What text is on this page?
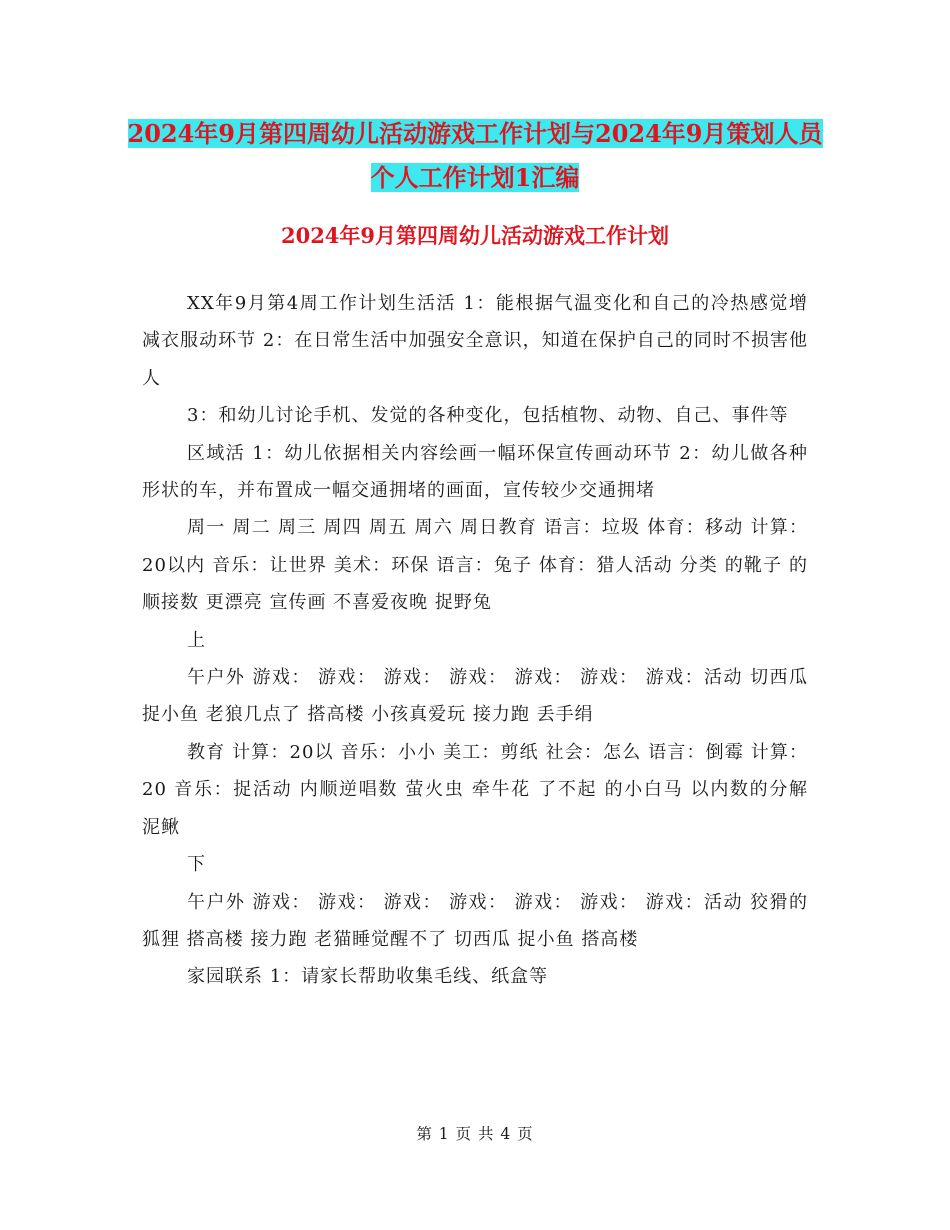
2024年9月第四周幼儿活动游戏工作计划与2024年9月策划人员个人工作计划1汇编
2024年9月第四周幼儿活动游戏工作计划

XX年9月第4周工作计划生活活 1：能根据气温变化和自己的冷热感觉增减衣服动环节 2：在日常生活中加强安全意识，知道在保护自己的同时不损害他人

3：和幼儿讨论手机、发觉的各种变化，包括植物、动物、自己、事件等

区域活 1：幼儿依据相关内容绘画一幅环保宣传画动环节 2：幼儿做各种形状的车，并布置成一幅交通拥堵的画面，宣传较少交通拥堵

周一 周二 周三 周四 周五 周六 周日教育 语言：垃圾 体育：移动 计算：20以内 音乐：让世界 美术：环保 语言：兔子 体育：猎人活动 分类 的靴子 的顺接数 更漂亮 宣传画 不喜爱夜晚 捉野兔

上

午户外 游戏： 游戏： 游戏： 游戏： 游戏： 游戏： 游戏：活动 切西瓜 捉小鱼 老狼几点了 搭高楼 小孩真爱玩 接力跑 丢手绢

教育 计算：20以 音乐：小小 美工：剪纸 社会：怎么 语言：倒霉 计算：20 音乐：捉活动 内顺逆唱数 萤火虫 牵牛花 了不起 的小白马 以内数的分解 泥鳅

下

午户外 游戏： 游戏： 游戏： 游戏： 游戏： 游戏： 游戏：活动 狡猾的狐狸 搭高楼 接力跑 老猫睡觉醒不了 切西瓜 捉小鱼 搭高楼

家园联系 1：请家长帮助收集毛线、纸盒等

第 1 页 共 4 页
